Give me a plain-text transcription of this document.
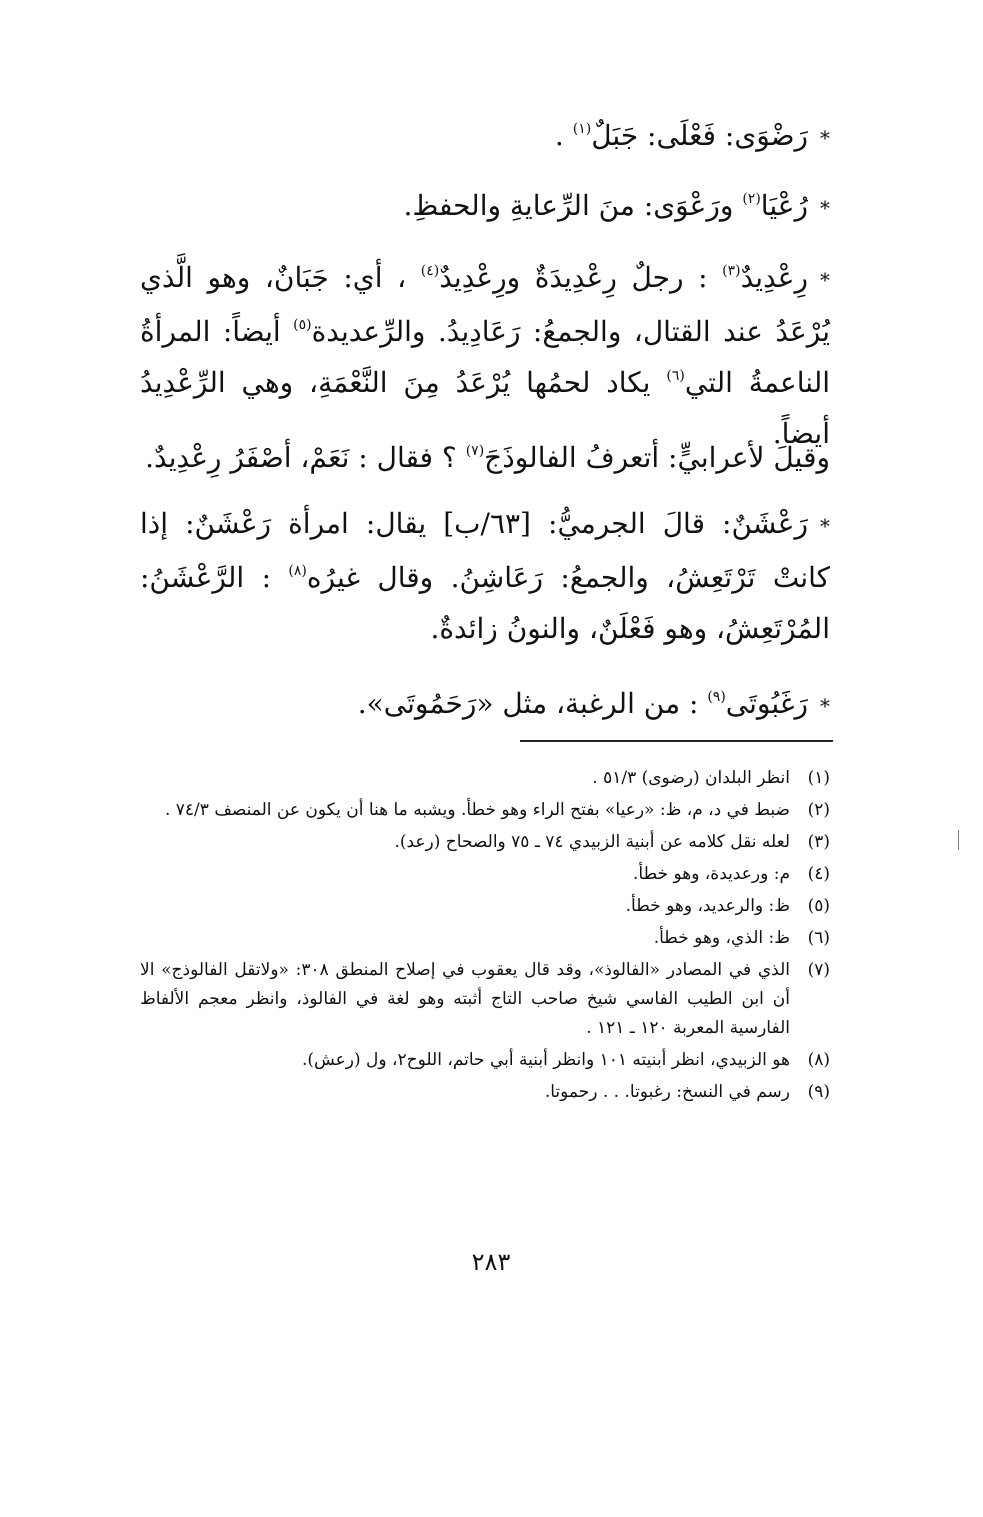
*رَضْوَى: فَعْلَى: جَبَلٌ$^{(١)}$ .

*رُعْيَا$^{(٢)}$ ورَعْوَى: منَ الرِّعايةِ والحفظِ.

*رِعْدِيدٌ$^{(٣)}$ : رجلٌ رِعْدِيدَةٌ ورِعْدِيدٌ$^{(٤)}$ ، أي: جَبَانٌ، وهو الَّذي يُرْعَدُ عند القتال، والجمعُ: رَعَادِيدُ. والرِّعديدة$^{(٥)}$ أيضاً: المرأةُ الناعمةُ التي$^{(٦)}$ يكاد لحمُها يُرْعَدُ مِنَ النَّعْمَةِ، وهي الرِّعْدِيدُ أيضاً.

وقيلَ لأعرابيٍّ: أتعرفُ الفالوذَجَ$^{(٧)}$ ؟ فقال : نَعَمْ، أصْفَرُ رِعْدِيدٌ.

*رَعْشَنٌ: قالَ الجرميُّ: [٦٣/ب] يقال: امرأة رَعْشَنٌ: إذا كانتْ تَرْتَعِشُ، والجمعُ: رَعَاشِنُ. وقال غيرُه$^{(٨)}$ : الرَّعْشَنُ: المُرْتَعِشُ، وهو فَعْلَنٌ، والنونُ زائدةٌ.

*رَغَبُوتَى$^{(٩)}$ : من الرغبة، مثل «رَحَمُوتَى».

(١)
انظر البلدان (رضوى) ٥١/٣ .
(٢)
ضبط في د، م، ظ: «رعيا» بفتح الراء وهو خطأ. ويشبه ما هنا أن يكون عن المنصف ٧٤/٣ .
(٣)
لعله نقل كلامه عن أبنية الزبيدي ٧٤ ـ ٧٥ والصحاح (رعد).
(٤)
م: ورعديدة، وهو خطأ.
(٥)
ظ: والرعديد، وهو خطأ.
(٦)
ظ: الذي، وهو خطأ.
(٧)
الذي في المصادر «الفالوذ»، وقد قال يعقوب في إصلاح المنطق ٣٠٨: «ولاتقل الفالوذج» الا أن ابن الطيب الفاسي شيخ صاحب التاج أثبته وهو لغة في الفالوذ، وانظر معجم الألفاظ الفارسية المعربة ١٢٠ ـ ١٢١ .
(٨)
هو الزبيدي، انظر أبنيته ١٠١ وانظر أبنية أبي حاتم، اللوح٢، ول (رعش).
(٩)
رسم في النسخ: رغبوتا. . . رحموتا.
٢٨٣
